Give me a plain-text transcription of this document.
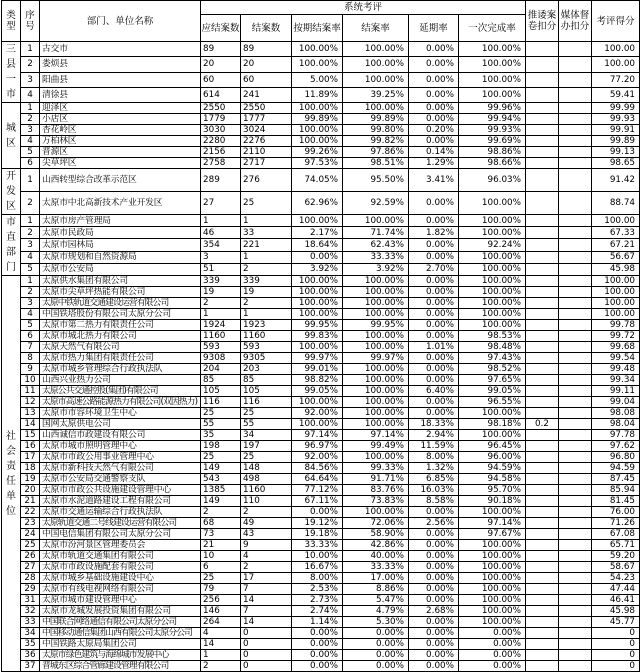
类型	序号	部门、单位名称	系统考评						推诿案卷扣分	媒体督办扣分	考评得分
			应结案数	结案数	按期结案率	结案率	延期率	一次完成率			
三县一市	1	古交市	89	89	100.00%	100.00%	0.00%	100.00%			100.00
	2	娄烦县	20	20	100.00%	100.00%	0.00%	100.00%			100.00
	3	阳曲县	60	60	5.00%	100.00%	0.00%	100.00%			77.20
	4	清徐县	614	241	11.89%	39.25%	0.00%	100.00%			59.41
城区	1	迎泽区	2550	2550	100.00%	100.00%	0.00%	99.96%			99.99
	2	小店区	1779	1777	99.89%	99.89%	0.00%	99.94%			99.93
	3	杏花岭区	3030	3024	100.00%	99.80%	0.20%	99.93%			99.91
	4	万柏林区	2280	2276	100.00%	99.82%	0.00%	99.69%			99.89
	5	晋源区	2156	2110	99.26%	97.86%	0.14%	98.86%			99.13
	6	尖草坪区	2758	2717	97.53%	98.51%	1.29%	98.66%			98.65
开发区	1	山西转型综合改革示范区	289	276	74.05%	95.50%	3.41%	96.03%			91.42
	2	太原市中北高新技术产业开发区	27	25	62.96%	92.59%	0.00%	100.00%			88.74
市直部门	1	太原市房产管理局	1	1	100.00%	100.00%	0.00%	100.00%			100.00
	2	太原市民政局	46	33	2.17%	71.74%	1.82%	100.00%			67.33
	3	太原市园林局	354	221	18.64%	62.43%	0.00%	92.24%			67.21
	4	太原市规划和自然资源局	3	1	0.00%	33.33%	0.00%	100.00%			56.67
	5	太原市公安局	51	2	3.92%	3.92%	2.70%	100.00%			45.98
社会责任单位	1	太原供水集团有限公司	339	339	100.00%	100.00%	0.00%	100.00%			100.00
	2	太原市尖草坪热能有限公司	19	19	100.00%	100.00%	0.00%	100.00%			100.00
	3	太原中铁轨道交通建设运营有限公司	2	2	100.00%	100.00%	0.00%	100.00%			100.00
	4	中国铁塔股份有限公司太原分公司	1	1	100.00%	100.00%	0.00%	100.00%			100.00
	5	太原市第二热力有限责任公司	1924	1923	99.95%	99.95%	0.00%	100.00%			99.78
	6	太原市城北热力有限公司	1160	1160	99.83%	100.00%	0.00%	98.53%			99.72
	7	太原天然气有限公司	593	593	100.00%	100.00%	1.01%	98.48%			99.68
	8	太原市热力集团有限责任公司	9308	9305	99.97%	99.97%	0.00%	97.43%			99.54
	9	太原市城乡管理综合行政执法队	204	203	99.01%	100.00%	0.00%	98.52%			99.48
	10	山西兴业热力公司	85	85	98.82%	100.00%	0.00%	97.65%			99.34
	11	太原公共交通控股(集团)有限公司	105	105	99.05%	100.00%	6.40%	99.05%			99.11
	12	太原市高速公路能源热力有限公司(双因热力)	116	116	100.00%	100.00%	0.00%	96.55%			99.04
	13	太原市市容环境卫生中心	25	25	92.00%	100.00%	0.00%	100.00%			98.08
	14	国网太原供电公司	55	55	100.00%	100.00%	18.33%	98.18%	0.2		98.04
	15	山西诚信市政建设有限公司	35	34	97.14%	97.14%	2.94%	100.00%			97.78
	16	太原市城市照明管理中心	198	197	96.97%	99.49%	11.59%	96.45%			97.62
	17	太原市市政公用事业管理中心	25	25	92.00%	100.00%	8.00%	96.00%			96.80
	18	太原市新科技天然气有限公司	149	148	84.56%	99.33%	1.32%	94.59%			94.59
	19	太原市公安局交通警察支队	543	498	64.64%	91.71%	6.85%	94.58%			87.45
	20	太原市市政公共设施建设管理中心	1385	1160	77.12%	83.76%	16.03%	95.70%			85.94
	21	太原市水泥道路建设工程有限公司	149	110	67.11%	73.83%	8.58%	90.18%			81.45
	22	太原市交通运输综合行政执法队	2	2	0.00%	100.00%	0.00%	100.00%			76.00
	23	太原轨道交通二号线建设运营有限公司	68	49	19.12%	72.06%	2.56%	97.14%			71.26
	24	中国电信集团有限公司太原分公司	73	43	19.18%	58.90%	0.00%	97.67%			67.08
	25	太原市汾河景区管理委员会	21	9	33.33%	42.86%	0.00%	100.00%			65.71
	26	太原市轨道交通集团有限公司	10	4	10.00%	40.00%	0.00%	100.00%			59.20
	27	太原市市政设施配套有限公司	6	2	16.67%	33.33%	0.00%	100.00%			58.67
	28	太原市城乡基础设施建设中心	25	17	8.00%	17.00%	0.00%	100.00%			54.23
	29	太原市有线电视网络有限公司	79	7	2.53%	8.86%	0.00%	100.00%			47.44
	31	太原市城市建设管理中心	256	14	2.73%	5.47%	0.00%	100.00%			46.41
	32	太原市龙城发展投资集团有限公司	146	7	2.74%	4.79%	2.68%	100.00%			45.98
	33	中国联合网络通信有限公司太原分公司	264	14	1.14%	5.30%	0.00%	100.00%			45.77
	34	中国移动通信集团山西有限公司太原分公司	4	0	0.00%	0.00%	0.00%	0.00%			0
	35	中国铁路太原局集团公司	14	0	0.00%	0.00%	0.00%	0.00%			0
	36	太原市绿色建筑与海绵城市发展中心	1	0	0.00%	0.00%	0.00%	0.00%			0
	37	晋城东区综合管廊建设管理有限公司	2	0	0.00%	0.00%	0.00%	0.00%			0
